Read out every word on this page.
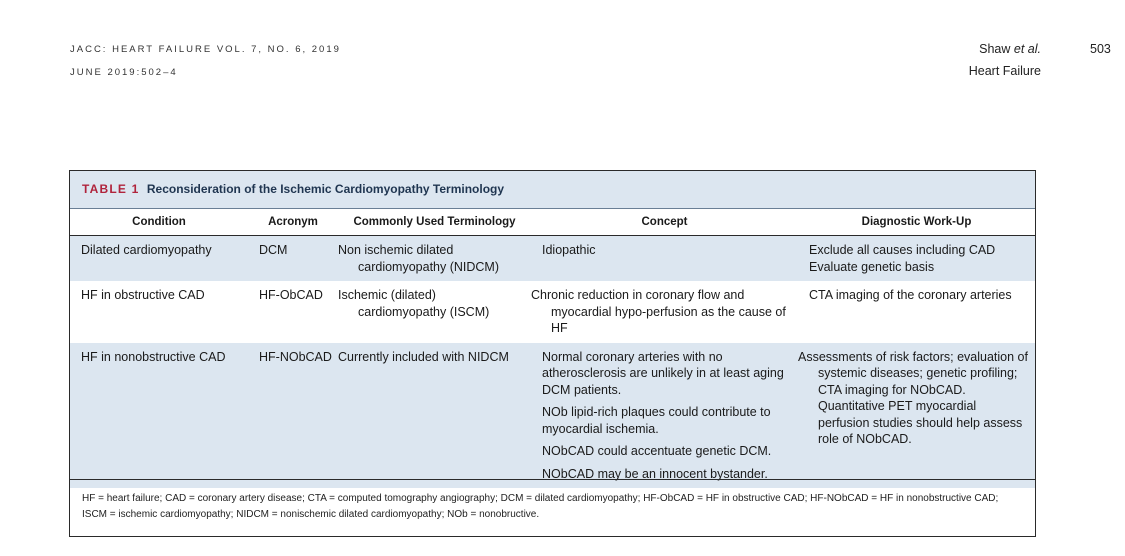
JACC: HEART FAILURE VOL. 7, NO. 6, 2019
JUNE 2019:502–4
Shaw et al.
Heart Failure
503
TABLE 1 Reconsideration of the Ischemic Cardiomyopathy Terminology
Condition	Acronym	Commonly Used Terminology	Concept	Diagnostic Work-Up
Dilated cardiomyopathy	DCM	Non ischemic dilated cardiomyopathy (NIDCM)	Idiopathic	Exclude all causes including CAD
Evaluate genetic basis

HF in obstructive CAD	HF-ObCAD	Ischemic (dilated) cardiomyopathy (ISCM)	Chronic reduction in coronary flow and myocardial hypo-perfusion as the cause of HF	CTA imaging of the coronary arteries
HF in nonobstructive CAD	HF-NObCAD	Currently included with NIDCM	Normal coronary arteries with no atherosclerosis are unlikely in at least aging DCM patients.
NOb lipid-rich plaques could contribute to myocardial ischemia.
NObCAD could accentuate genetic DCM.
NObCAD may be an innocent bystander.	Assessments of risk factors; evaluation of systemic diseases; genetic profiling; CTA imaging for NObCAD. Quantitative PET myocardial perfusion studies should help assess role of NObCAD.
HF = heart failure; CAD = coronary artery disease; CTA = computed tomography angiography; DCM = dilated cardiomyopathy; HF-ObCAD = HF in obstructive CAD; HF-NObCAD = HF in nonobstructive CAD; ISCM = ischemic cardiomyopathy; NIDCM = nonischemic dilated cardiomyopathy; NOb = nonobructive.
